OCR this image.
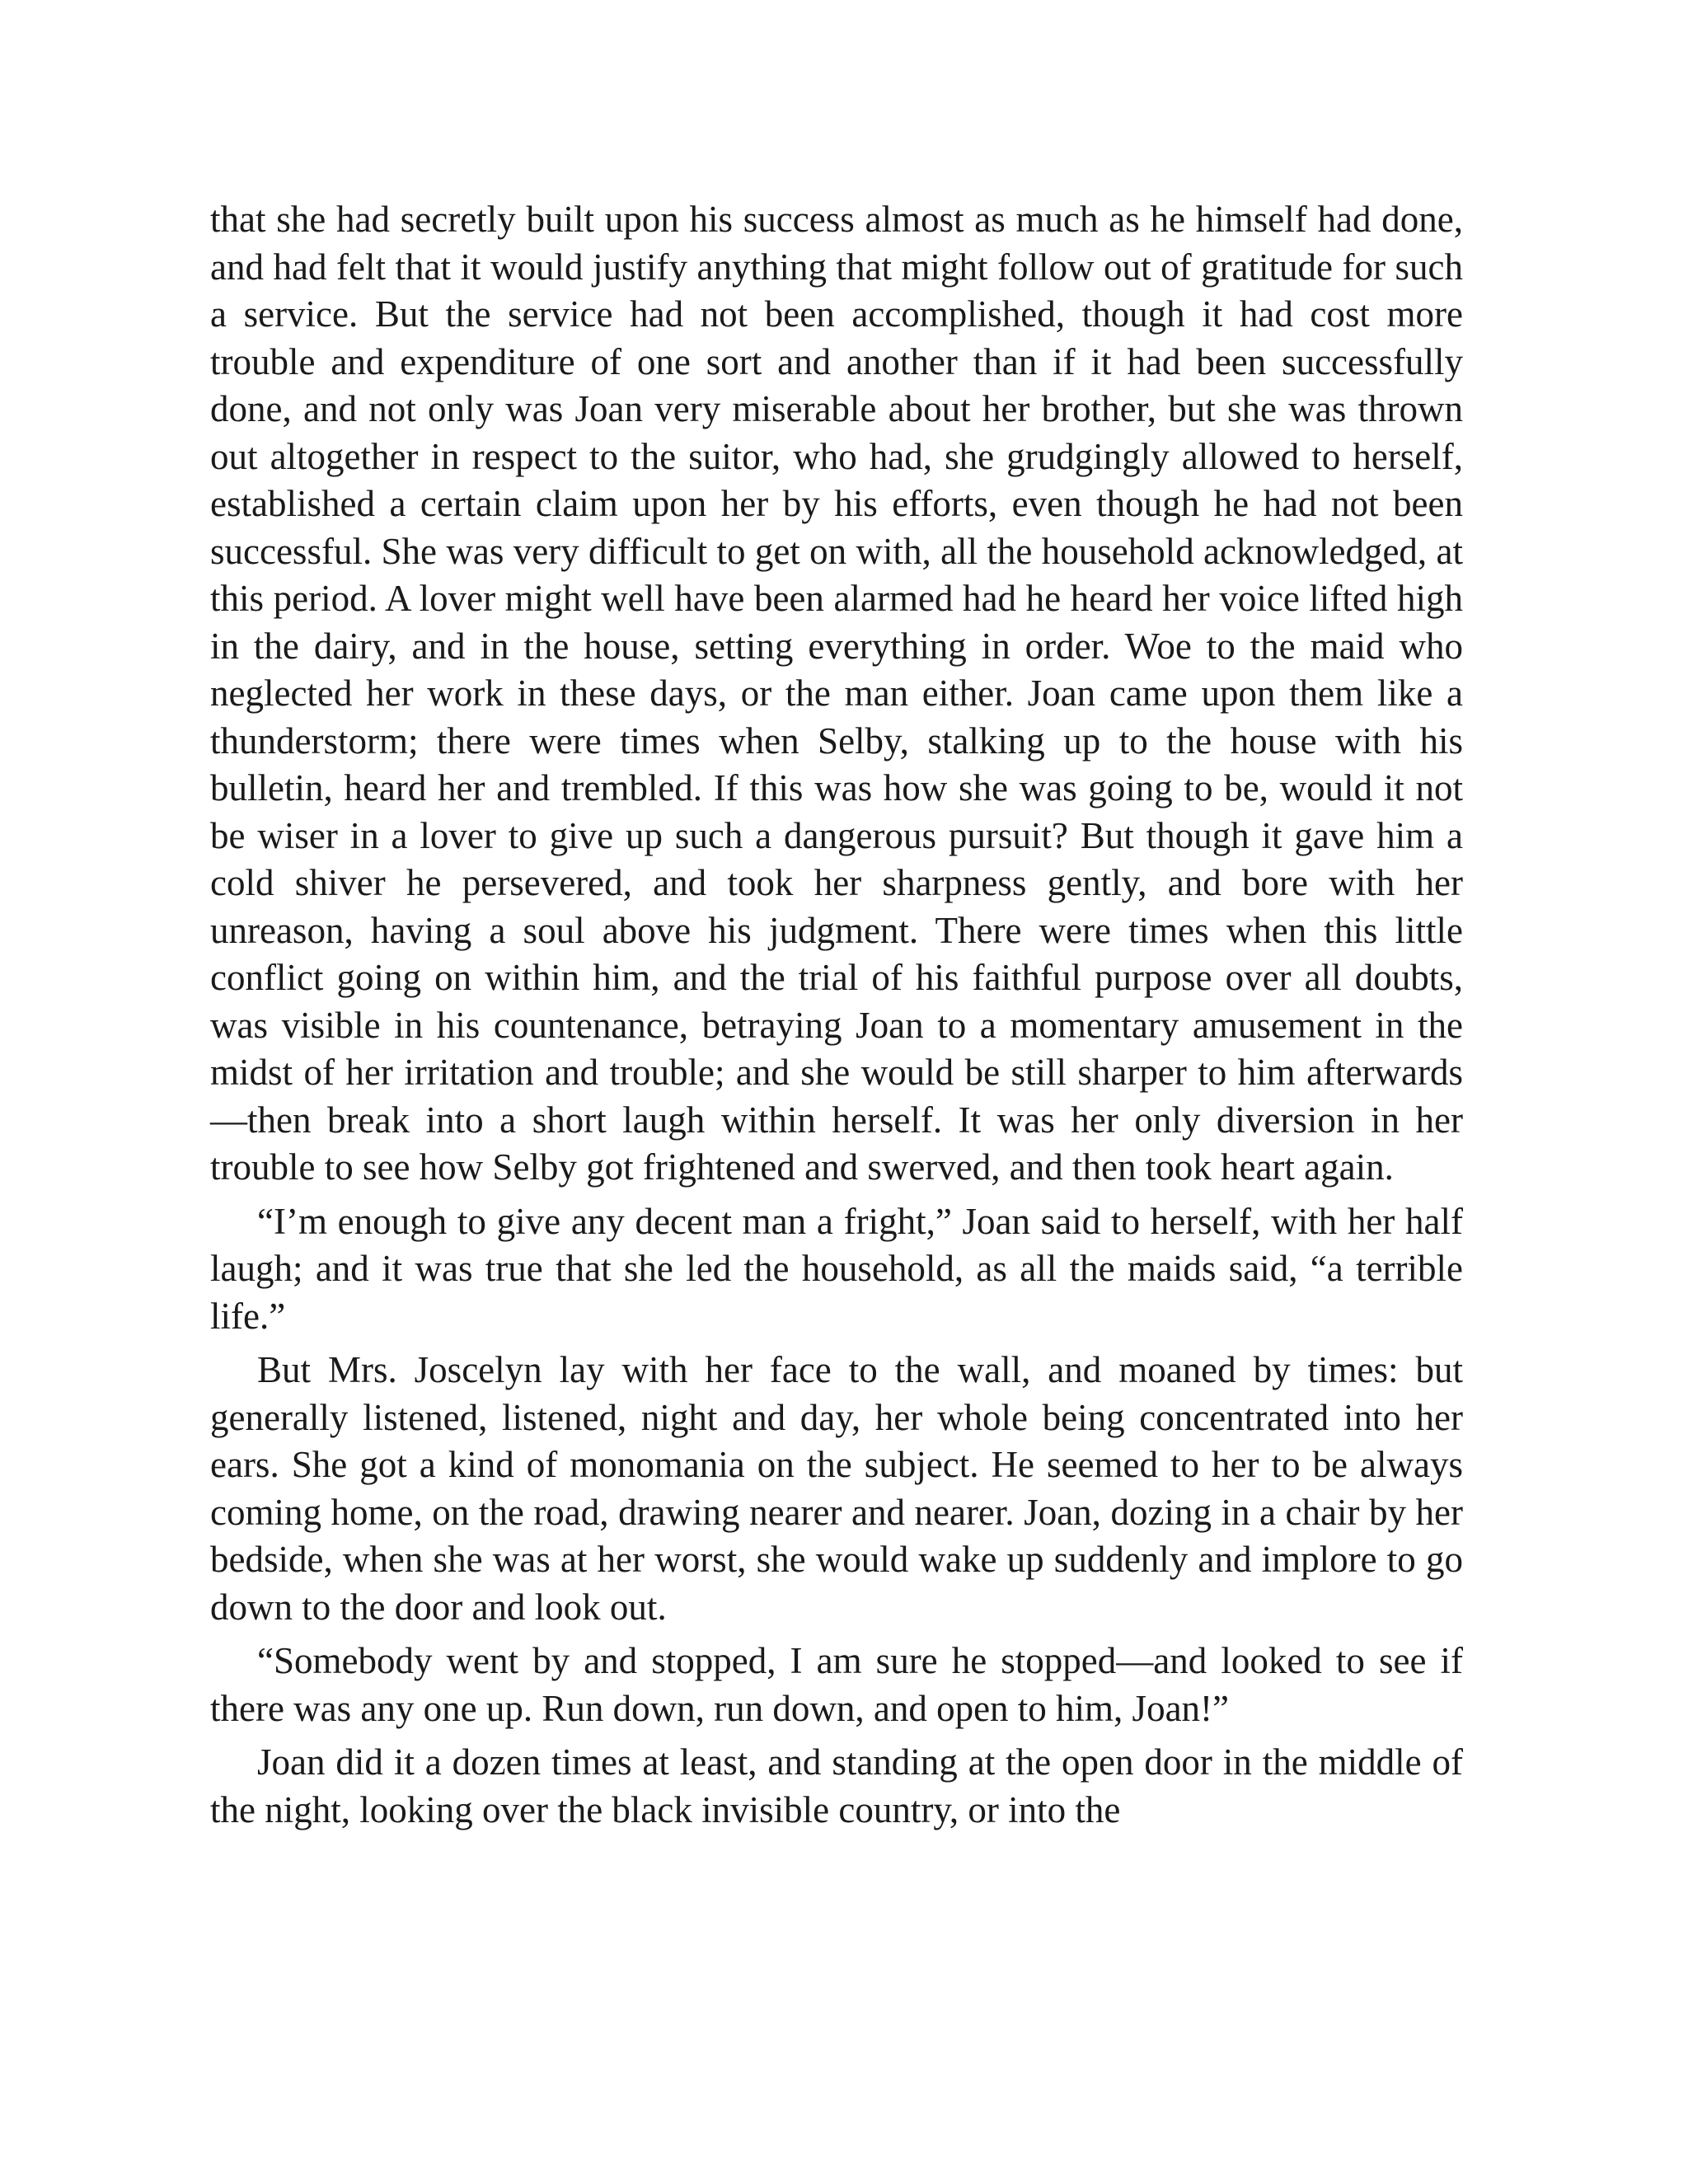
that she had secretly built upon his success almost as much as he himself had done, and had felt that it would justify anything that might follow out of gratitude for such a service. But the service had not been accomplished, though it had cost more trouble and expenditure of one sort and another than if it had been successfully done, and not only was Joan very miserable about her brother, but she was thrown out altogether in respect to the suitor, who had, she grudgingly allowed to herself, established a certain claim upon her by his efforts, even though he had not been successful. She was very difficult to get on with, all the household acknowledged, at this period. A lover might well have been alarmed had he heard her voice lifted high in the dairy, and in the house, setting everything in order. Woe to the maid who neglected her work in these days, or the man either. Joan came upon them like a thunderstorm; there were times when Selby, stalking up to the house with his bulletin, heard her and trembled. If this was how she was going to be, would it not be wiser in a lover to give up such a dangerous pursuit? But though it gave him a cold shiver he persevered, and took her sharpness gently, and bore with her unreason, having a soul above his judgment. There were times when this little conflict going on within him, and the trial of his faithful purpose over all doubts, was visible in his countenance, betraying Joan to a momentary amusement in the midst of her irritation and trouble; and she would be still sharper to him afterwards—then break into a short laugh within herself. It was her only diversion in her trouble to see how Selby got frightened and swerved, and then took heart again.

“I’m enough to give any decent man a fright,” Joan said to herself, with her half laugh; and it was true that she led the household, as all the maids said, “a terrible life.”

But Mrs. Joscelyn lay with her face to the wall, and moaned by times: but generally listened, listened, night and day, her whole being concentrated into her ears. She got a kind of monomania on the subject. He seemed to her to be always coming home, on the road, drawing nearer and nearer. Joan, dozing in a chair by her bedside, when she was at her worst, she would wake up suddenly and implore to go down to the door and look out.

“Somebody went by and stopped, I am sure he stopped—and looked to see if there was any one up. Run down, run down, and open to him, Joan!”

Joan did it a dozen times at least, and standing at the open door in the middle of the night, looking over the black invisible country, or into the
